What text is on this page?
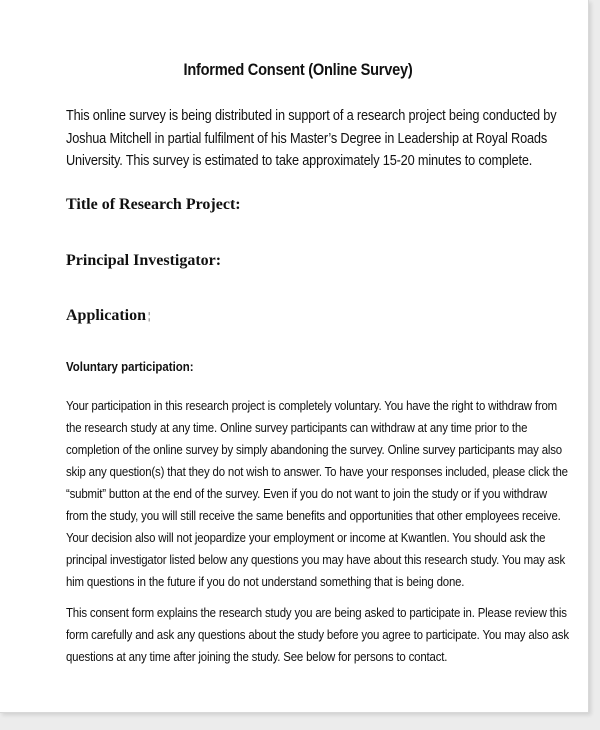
Informed Consent (Online Survey)
This online survey is being distributed in support of a research project being conducted by
Joshua Mitchell in partial fulfilment of his Master’s Degree in Leadership at Royal Roads
University. This survey is estimated to take approximately 15-20 minutes to complete.
Title of Research Project:
Principal Investigator:
Application ¦
Voluntary participation:
Your participation in this research project is completely voluntary. You have the right to withdraw from
the research study at any time. Online survey participants can withdraw at any time prior to the
completion of the online survey by simply abandoning the survey. Online survey participants may also
skip any question(s) that they do not wish to answer. To have your responses included, please click the
“submit” button at the end of the survey. Even if you do not want to join the study or if you withdraw
from the study, you will still receive the same benefits and opportunities that other employees receive.
Your decision also will not jeopardize your employment or income at Kwantlen. You should ask the
principal investigator listed below any questions you may have about this research study. You may ask
him questions in the future if you do not understand something that is being done.
This consent form explains the research study you are being asked to participate in. Please review this
form carefully and ask any questions about the study before you agree to participate. You may also ask
questions at any time after joining the study. See below for persons to contact.
